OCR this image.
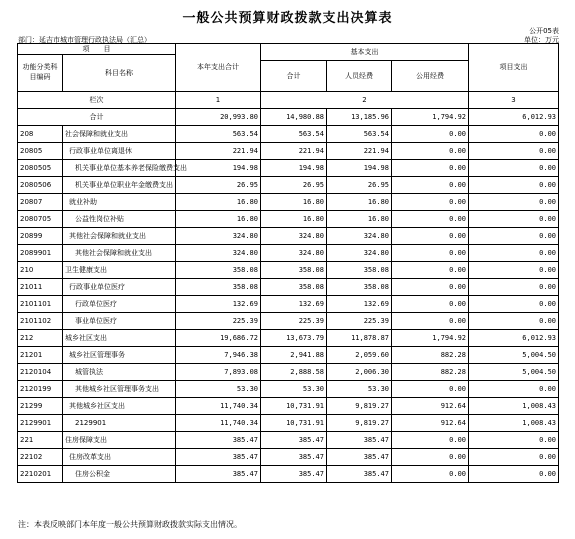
一般公共预算财政拨款支出决算表
公开05表
部门：延吉市城市管理行政执法局（汇总）	单位：万元
项　　目		本年支出合计	基本支出			项目支出
功能分类科目编码	科目名称					
			合计	人员经费	公用经费	
栏次		1	2			3
合计		20,993.80	14,980.88	13,185.96	1,794.92	6,012.93
208	社会保障和就业支出	563.54	563.54	563.54	0.00	0.00
20805	行政事业单位离退休	221.94	221.94	221.94	0.00	0.00
2080505	机关事业单位基本养老保险缴费支出	194.98	194.98	194.98	0.00	0.00
2080506	机关事业单位职业年金缴费支出	26.95	26.95	26.95	0.00	0.00
20807	就业补助	16.80	16.80	16.80	0.00	0.00
2080705	公益性岗位补贴	16.80	16.80	16.80	0.00	0.00
20899	其他社会保障和就业支出	324.80	324.80	324.80	0.00	0.00
2089901	其他社会保障和就业支出	324.80	324.80	324.80	0.00	0.00
210	卫生健康支出	358.08	358.08	358.08	0.00	0.00
21011	行政事业单位医疗	358.08	358.08	358.08	0.00	0.00
2101101	行政单位医疗	132.69	132.69	132.69	0.00	0.00
2101102	事业单位医疗	225.39	225.39	225.39	0.00	0.00
212	城乡社区支出	19,686.72	13,673.79	11,878.87	1,794.92	6,012.93
21201	城乡社区管理事务	7,946.38	2,941.88	2,059.60	882.28	5,004.50
2120104	城管执法	7,893.08	2,888.58	2,006.30	882.28	5,004.50
2120199	其他城乡社区管理事务支出	53.30	53.30	53.30	0.00	0.00
21299	其他城乡社区支出	11,740.34	10,731.91	9,819.27	912.64	1,008.43
2129901	2129901	11,740.34	10,731.91	9,819.27	912.64	1,008.43
221	住房保障支出	385.47	385.47	385.47	0.00	0.00
22102	住房改革支出	385.47	385.47	385.47	0.00	0.00
2210201	住房公积金	385.47	385.47	385.47	0.00	0.00
注：本表反映部门本年度一般公共预算财政拨款实际支出情况。
